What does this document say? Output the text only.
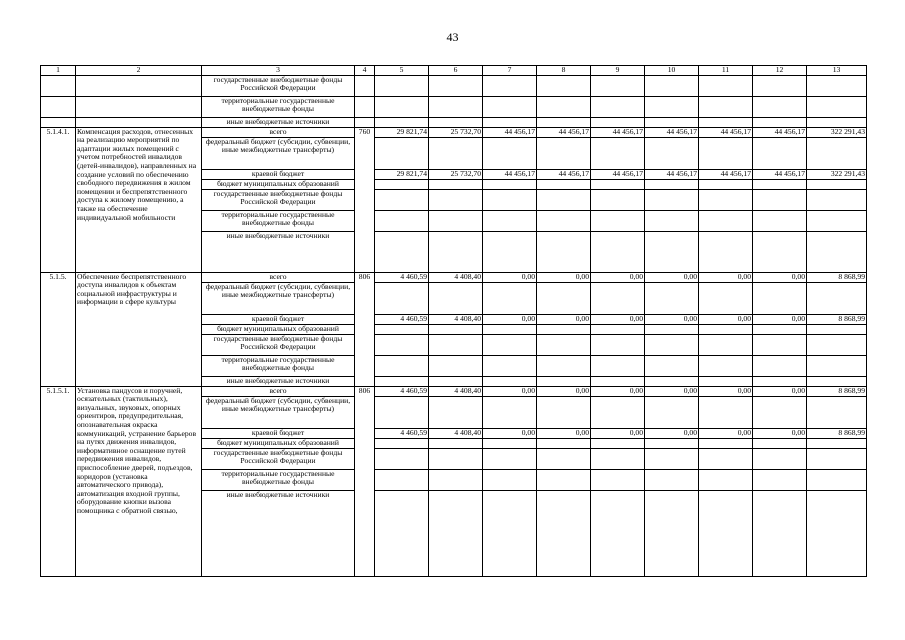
43
1	2	3	4	5	6	7	8	9	10	11	12	13
		государственные внебюджетные фонды Российской Федерации										
		территориальные государственные внебюджетные фонды										
		иные внебюджетные источники										
5.1.4.1.	Компенсация расходов, отнесенных на реализацию мероприятий по адаптации жилых помещений с учетом потребностей инвалидов (детей-инвалидов), направленных на создание условий по обеспечению свободного передвижения в жилом помещении и беспрепятственного доступа к жилому помещению, а также на обеспечение индивидуальной мобильности	всего	760	29 821,74	25 732,70	44 456,17	44 456,17	44 456,17	44 456,17	44 456,17	44 456,17	322 291,43
		федеральный бюджет (субсидии, субвенции, иные межбюджетные трансферты)										
		краевой бюджет		29 821,74	25 732,70	44 456,17	44 456,17	44 456,17	44 456,17	44 456,17	44 456,17	322 291,43
		бюджет муниципальных образований										
		государственные внебюджетные фонды Российской Федерации										
		территориальные государственные внебюджетные фонды										
		иные внебюджетные источники										
5.1.5.	Обеспечение беспрепятственного доступа инвалидов к объектам социальной инфраструктуры и информации в сфере культуры	всего	806	4 460,59	4 408,40	0,00	0,00	0,00	0,00	0,00	0,00	8 868,99
		федеральный бюджет (субсидии, субвенции, иные межбюджетные трансферты)										
		краевой бюджет		4 460,59	4 408,40	0,00	0,00	0,00	0,00	0,00	0,00	8 868,99
		бюджет муниципальных образований										
		государственные внебюджетные фонды Российской Федерации										
		территориальные государственные внебюджетные фонды										
		иные внебюджетные источники										
5.1.5.1.	Установка пандусов и поручней, осязательных (тактильных), визуальных, звуковых, опорных ориентиров, предупредительная, опознавательная окраска коммуникаций, устранение барьеров на путях движения инвалидов, информативное оснащение путей передвижения инвалидов, приспособление дверей, подъездов, коридоров (установка автоматического привода), автоматизация входной группы, оборудование кнопки вызова помощника с обратной связью,	всего	806	4 460,59	4 408,40	0,00	0,00	0,00	0,00	0,00	0,00	8 868,99
		федеральный бюджет (субсидии, субвенции, иные межбюджетные трансферты)										
		краевой бюджет		4 460,59	4 408,40	0,00	0,00	0,00	0,00	0,00	0,00	8 868,99
		бюджет муниципальных образований										
		государственные внебюджетные фонды Российской Федерации										
		территориальные государственные внебюджетные фонды										
		иные внебюджетные источники										
